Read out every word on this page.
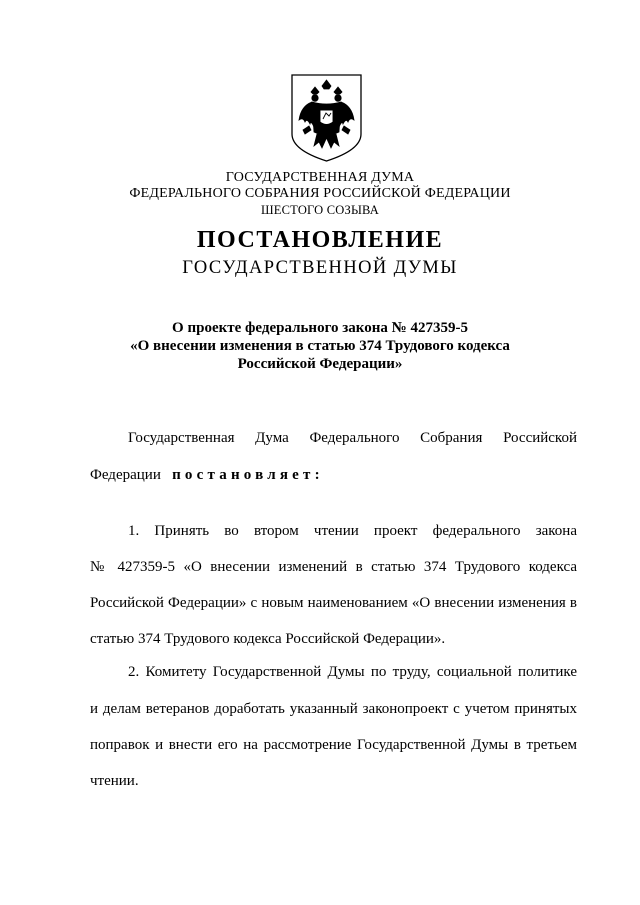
ГОСУДАРСТВЕННАЯ ДУМА
ФЕДЕРАЛЬНОГО СОБРАНИЯ РОССИЙСКОЙ ФЕДЕРАЦИИ
ШЕСТОГО СОЗЫВА
ПОСТАНОВЛЕНИЕ
ГОСУДАРСТВЕННОЙ ДУМЫ
О проекте федерального закона № 427359-5
«О внесении изменения в статью 374 Трудового кодекса
Российской Федерации»
Государственная Дума Федерального Собрания Российской
Федерации постановляет:
1. Принять во втором чтении проект федерального закона
№ 427359-5 «О внесении изменений в статью 374 Трудового кодекса
Российской Федерации» с новым наименованием «О внесении изменения в
статью 374 Трудового кодекса Российской Федерации».
2. Комитету Государственной Думы по труду, социальной политике
и делам ветеранов доработать указанный законопроект с учетом принятых
поправок и внести его на рассмотрение Государственной Думы в третьем
чтении.
